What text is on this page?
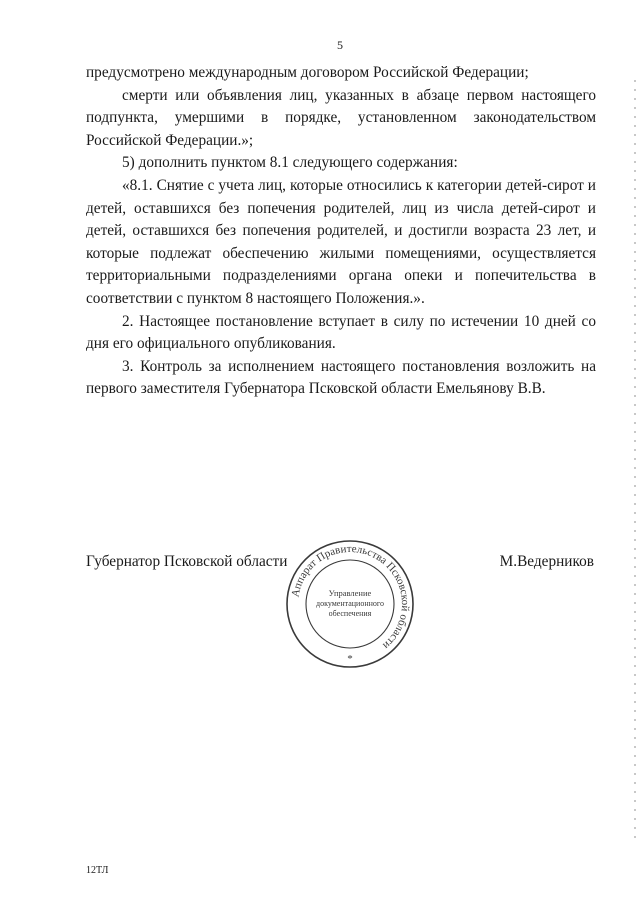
5

предусмотрено международным договором Российской Федерации;

смерти или объявления лиц, указанных в абзаце первом настоящего подпункта, умершими в порядке, установленном законодательством Российской Федерации.»;

5) дополнить пунктом 8.1 следующего содержания:

«8.1. Снятие с учета лиц, которые относились к категории детей-сирот и детей, оставшихся без попечения родителей, лиц из числа детей-сирот и детей, оставшихся без попечения родителей, и достигли возраста 23 лет, и которые подлежат обеспечению жилыми помещениями, осуществляется территориальными подразделениями органа опеки и попечительства в соответствии с пунктом 8 настоящего Положения.».

2. Настоящее постановление вступает в силу по истечении 10 дней со дня его официального опубликования.

3. Контроль за исполнением настоящего постановления возложить на первого заместителя Губернатора Псковской области Емельянову В.В.

Губернатор Псковской области	М.Ведерников
Аппарат Правительства Псковской области
Управление
документационного
обеспечения
*
12ТЛ
